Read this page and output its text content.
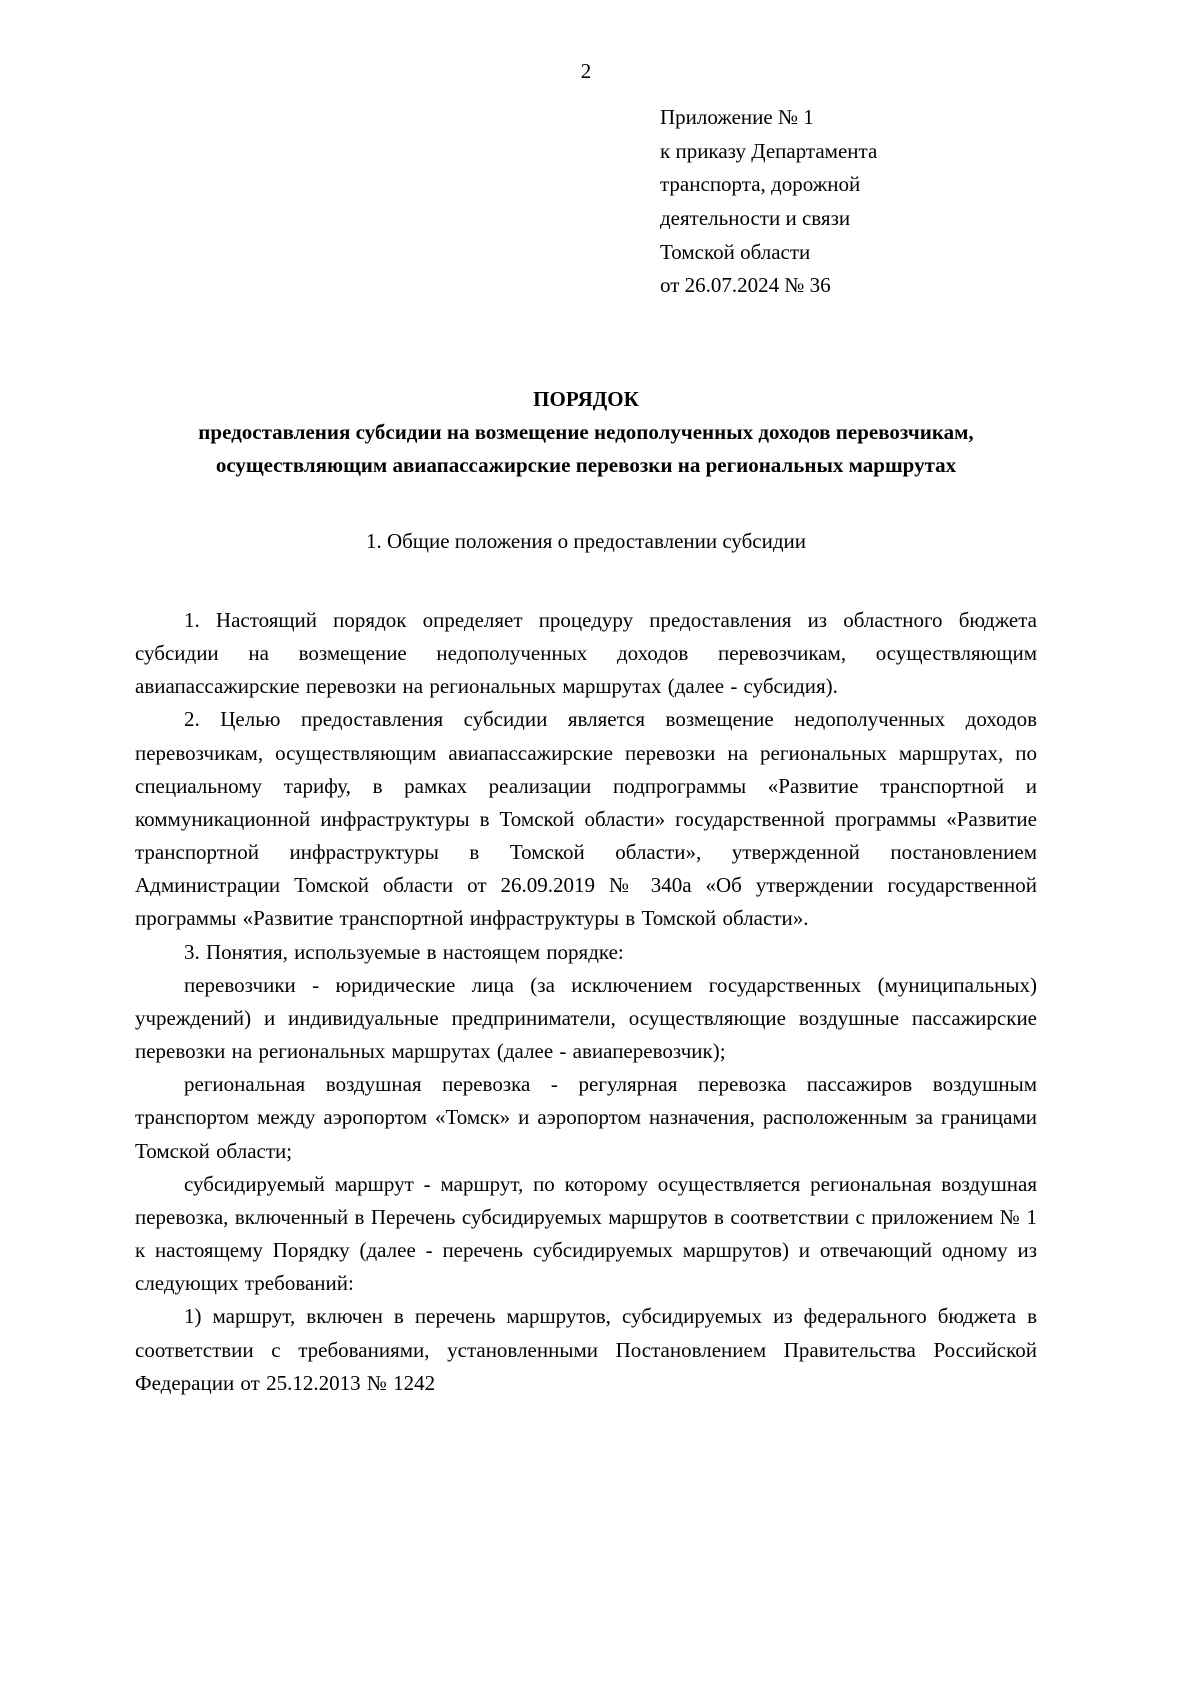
2
Приложение № 1
к приказу Департамента
транспорта, дорожной
деятельности и связи
Томской области
от 26.07.2024 № 36
ПОРЯДОК
предоставления субсидии на возмещение недополученных доходов перевозчикам, осуществляющим авиапассажирские перевозки на региональных маршрутах
1. Общие положения о предоставлении субсидии

1. Настоящий порядок определяет процедуру предоставления из областного бюджета субсидии на возмещение недополученных доходов перевозчикам, осуществляющим авиапассажирские перевозки на региональных маршрутах (далее - субсидия).

2. Целью предоставления субсидии является возмещение недополученных доходов перевозчикам, осуществляющим авиапассажирские перевозки на региональных маршрутах, по специальному тарифу, в рамках реализации подпрограммы «Развитие транспортной и коммуникационной инфраструктуры в Томской области» государственной программы «Развитие транспортной инфраструктуры в Томской области», утвержденной постановлением Администрации Томской области от 26.09.2019 № 340а «Об утверждении государственной программы «Развитие транспортной инфраструктуры в Томской области».

3. Понятия, используемые в настоящем порядке:

перевозчики - юридические лица (за исключением государственных (муниципальных) учреждений) и индивидуальные предприниматели, осуществляющие воздушные пассажирские перевозки на региональных маршрутах (далее - авиаперевозчик);

региональная воздушная перевозка - регулярная перевозка пассажиров воздушным транспортом между аэропортом «Томск» и аэропортом назначения, расположенным за границами Томской области;

субсидируемый маршрут - маршрут, по которому осуществляется региональная воздушная перевозка, включенный в Перечень субсидируемых маршрутов в соответствии с приложением № 1 к настоящему Порядку (далее - перечень субсидируемых маршрутов) и отвечающий одному из следующих требований:

1) маршрут, включен в перечень маршрутов, субсидируемых из федерального бюджета в соответствии с требованиями, установленными Постановлением Правительства Российской Федерации от 25.12.2013 № 1242
